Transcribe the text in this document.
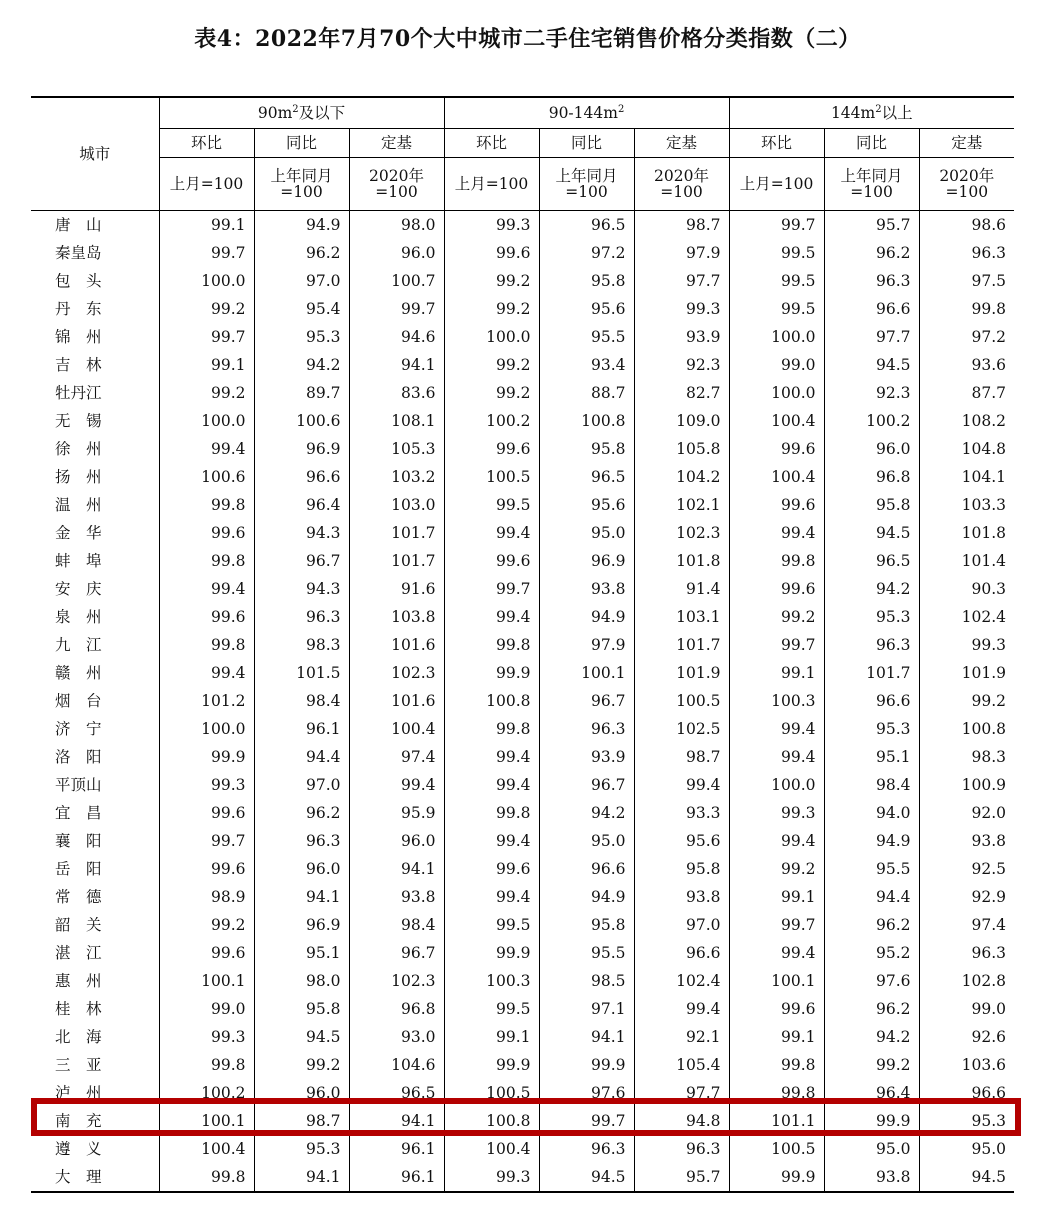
表4：2022年7月70个大中城市二手住宅销售价格分类指数（二）
城市	$90m^2$及以下			$90-144m^2$			$144m^2$以上		
	环比	同比	定基	环比	同比	定基	环比	同比	定基
	上月=100	上年同月=100	2020年=100	上月=100	上年同月=100	2020年=100	上月=100	上年同月=100	2020年=100
唐　山	99.1	94.9	98.0	99.3	96.5	98.7	99.7	95.7	98.6
秦皇岛	99.7	96.2	96.0	99.6	97.2	97.9	99.5	96.2	96.3
包　头	100.0	97.0	100.7	99.2	95.8	97.7	99.5	96.3	97.5
丹　东	99.2	95.4	99.7	99.2	95.6	99.3	99.5	96.6	99.8
锦　州	99.7	95.3	94.6	100.0	95.5	93.9	100.0	97.7	97.2
吉　林	99.1	94.2	94.1	99.2	93.4	92.3	99.0	94.5	93.6
牡丹江	99.2	89.7	83.6	99.2	88.7	82.7	100.0	92.3	87.7
无　锡	100.0	100.6	108.1	100.2	100.8	109.0	100.4	100.2	108.2
徐　州	99.4	96.9	105.3	99.6	95.8	105.8	99.6	96.0	104.8
扬　州	100.6	96.6	103.2	100.5	96.5	104.2	100.4	96.8	104.1
温　州	99.8	96.4	103.0	99.5	95.6	102.1	99.6	95.8	103.3
金　华	99.6	94.3	101.7	99.4	95.0	102.3	99.4	94.5	101.8
蚌　埠	99.8	96.7	101.7	99.6	96.9	101.8	99.8	96.5	101.4
安　庆	99.4	94.3	91.6	99.7	93.8	91.4	99.6	94.2	90.3
泉　州	99.6	96.3	103.8	99.4	94.9	103.1	99.2	95.3	102.4
九　江	99.8	98.3	101.6	99.8	97.9	101.7	99.7	96.3	99.3
赣　州	99.4	101.5	102.3	99.9	100.1	101.9	99.1	101.7	101.9
烟　台	101.2	98.4	101.6	100.8	96.7	100.5	100.3	96.6	99.2
济　宁	100.0	96.1	100.4	99.8	96.3	102.5	99.4	95.3	100.8
洛　阳	99.9	94.4	97.4	99.4	93.9	98.7	99.4	95.1	98.3
平顶山	99.3	97.0	99.4	99.4	96.7	99.4	100.0	98.4	100.9
宜　昌	99.6	96.2	95.9	99.8	94.2	93.3	99.3	94.0	92.0
襄　阳	99.7	96.3	96.0	99.4	95.0	95.6	99.4	94.9	93.8
岳　阳	99.6	96.0	94.1	99.6	96.6	95.8	99.2	95.5	92.5
常　德	98.9	94.1	93.8	99.4	94.9	93.8	99.1	94.4	92.9
韶　关	99.2	96.9	98.4	99.5	95.8	97.0	99.7	96.2	97.4
湛　江	99.6	95.1	96.7	99.9	95.5	96.6	99.4	95.2	96.3
惠　州	100.1	98.0	102.3	100.3	98.5	102.4	100.1	97.6	102.8
桂　林	99.0	95.8	96.8	99.5	97.1	99.4	99.6	96.2	99.0
北　海	99.3	94.5	93.0	99.1	94.1	92.1	99.1	94.2	92.6
三　亚	99.8	99.2	104.6	99.9	99.9	105.4	99.8	99.2	103.6
泸　州	100.2	96.0	96.5	100.5	97.6	97.7	99.8	96.4	96.6
南　充	100.1	98.7	94.1	100.8	99.7	94.8	101.1	99.9	95.3
遵　义	100.4	95.3	96.1	100.4	96.3	96.3	100.5	95.0	95.0
大　理	99.8	94.1	96.1	99.3	94.5	95.7	99.9	93.8	94.5
